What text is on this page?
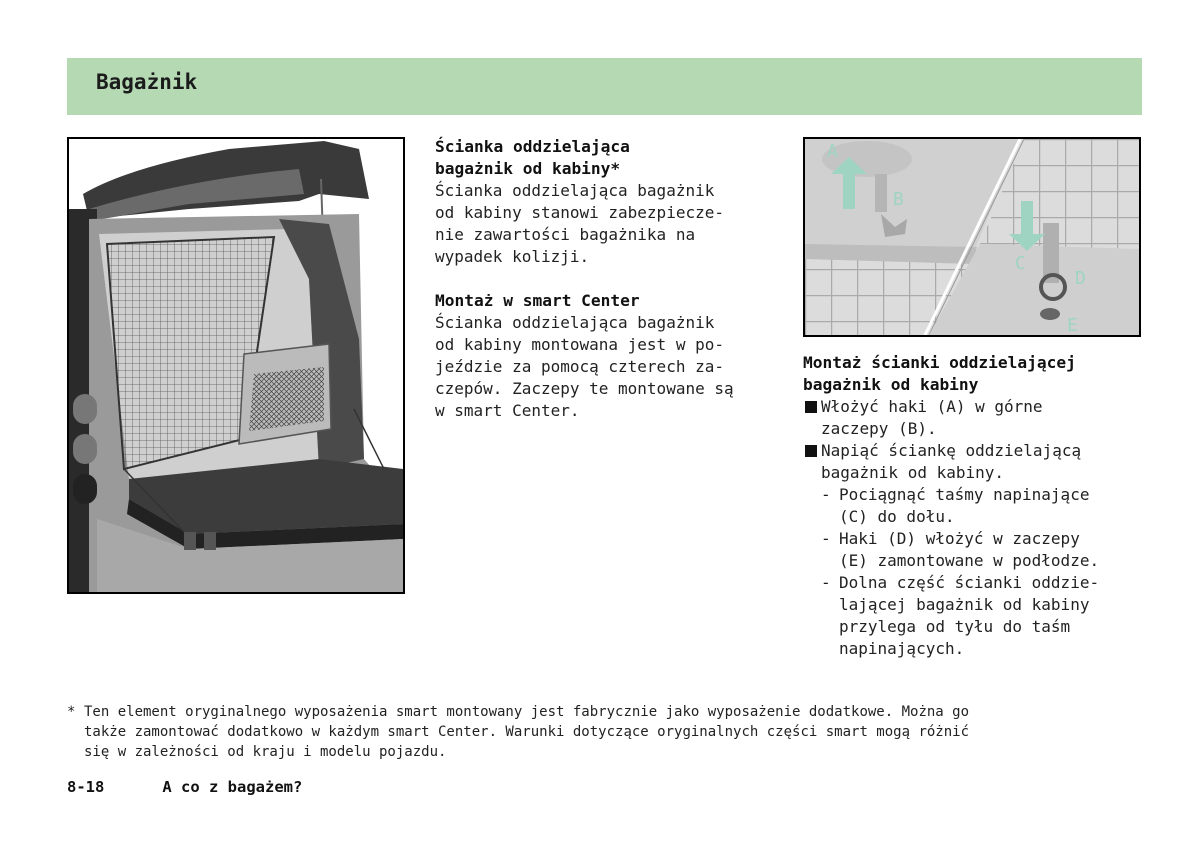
Bagażnik
Ścianka oddzielająca
bagażnik od kabiny*
Ścianka oddzielająca bagażnik
od kabiny stanowi zabezpiecze-
nie zawartości bagażnika na
wypadek kolizji.
Montaż w smart Center
Ścianka oddzielająca bagażnik
od kabiny montowana jest w po-
jeździe za pomocą czterech za-
czepów. Zaczepy te montowane są
w smart Center.
A
B
C
D
E
Montaż ścianki oddzielającej
bagażnik od kabiny
Włożyć haki (A) w górne
zaczepy (B).
Napiąć ściankę oddzielającą
bagażnik od kabiny.
- Pociągnąć taśmy napinające
(C) do dołu.
- Haki (D) włożyć w zaczepy
(E) zamontowane w podłodze.
- Dolna część ścianki oddzie-
lającej bagażnik od kabiny
przylega od tyłu do taśm
napinających.
* Ten element oryginalnego wyposażenia smart montowany jest fabrycznie jako wyposażenie dodatkowe. Można go
także zamontować dodatkowo w każdym smart Center. Warunki dotyczące oryginalnych części smart mogą różnić
się w zależności od kraju i modelu pojazdu.
8-18	A co z bagażem?
